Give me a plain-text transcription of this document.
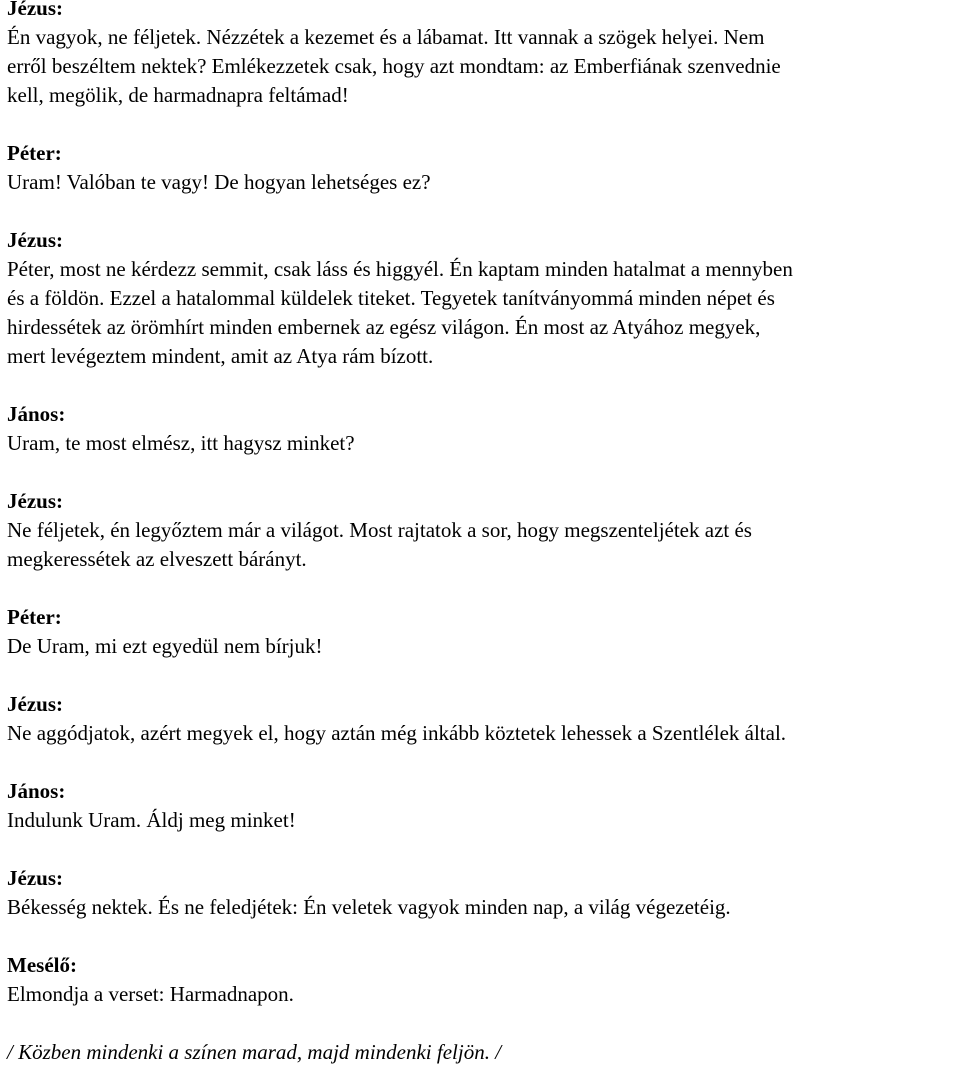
Jézus:

Én vagyok, ne féljetek. Nézzétek a kezemet és a lábamat. Itt vannak a szögek helyei. Nem

erről beszéltem nektek? Emlékezzetek csak, hogy azt mondtam: az Emberfiának szenvednie

kell, megölik, de harmadnapra feltámad!

Péter:

Uram! Valóban te vagy! De hogyan lehetséges ez?

Jézus:

Péter, most ne kérdezz semmit, csak láss és higgyél. Én kaptam minden hatalmat a mennyben

és a földön. Ezzel a hatalommal küldelek titeket. Tegyetek tanítványommá minden népet és

hirdessétek az örömhírt minden embernek az egész világon. Én most az Atyához megyek,

mert levégeztem mindent, amit az Atya rám bízott.

János:

Uram, te most elmész, itt hagysz minket?

Jézus:

Ne féljetek, én legyőztem már a világot. Most rajtatok a sor, hogy megszenteljétek azt és

megkeressétek az elveszett bárányt.

Péter:

De Uram, mi ezt egyedül nem bírjuk!

Jézus:

Ne aggódjatok, azért megyek el, hogy aztán még inkább köztetek lehessek a Szentlélek által.

János:

Indulunk Uram. Áldj meg minket!

Jézus:

Békesség nektek. És ne feledjétek: Én veletek vagyok minden nap, a világ végezetéig.

Mesélő:

Elmondja a verset: Harmadnapon.

/ Közben mindenki a színen marad, majd mindenki feljön. /
